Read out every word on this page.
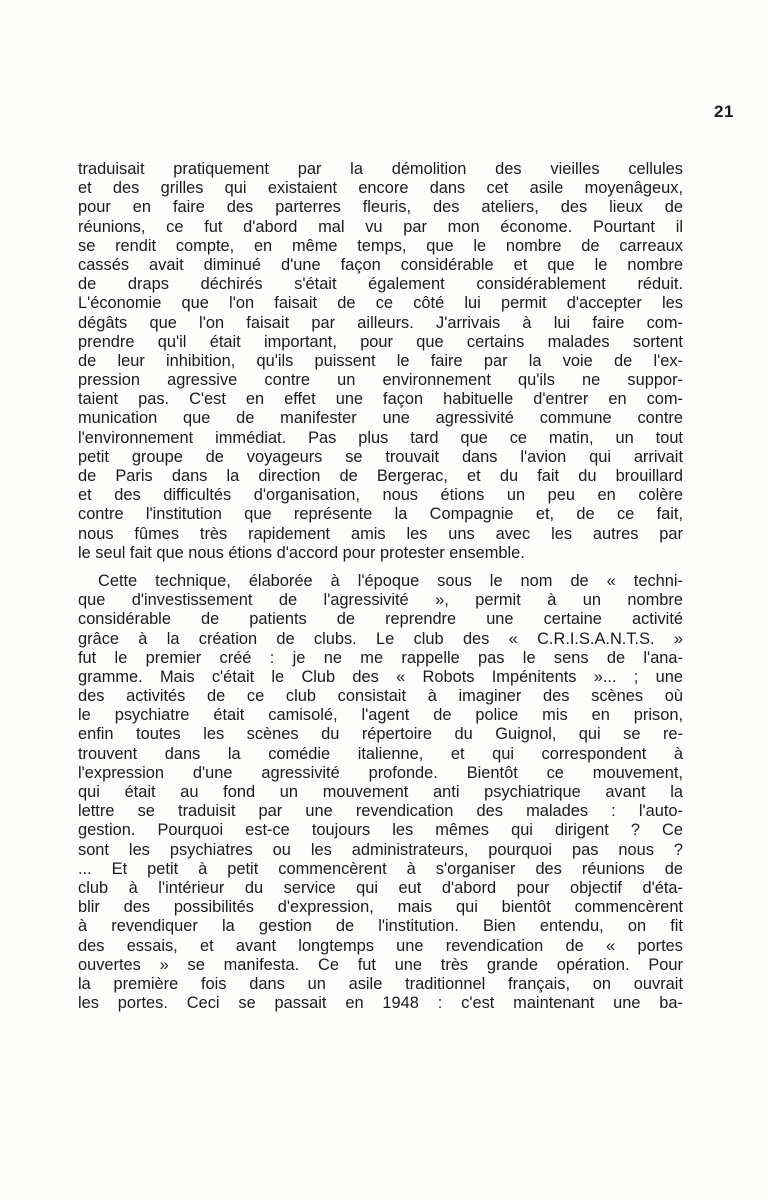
21
traduisait pratiquement par la démolition des vieilles cellules
et des grilles qui existaient encore dans cet asile moyenâgeux,
pour en faire des parterres fleuris, des ateliers, des lieux de
réunions, ce fut d'abord mal vu par mon économe. Pourtant il
se rendit compte, en même temps, que le nombre de carreaux
cassés avait diminué d'une façon considérable et que le nombre
de draps déchirés s'était également considérablement réduit.
L'économie que l'on faisait de ce côté lui permit d'accepter les
dégâts que l'on faisait par ailleurs. J'arrivais à lui faire com-
prendre qu'il était important, pour que certains malades sortent
de leur inhibition, qu'ils puissent le faire par la voie de l'ex-
pression agressive contre un environnement qu'ils ne suppor-
taient pas. C'est en effet une façon habituelle d'entrer en com-
munication que de manifester une agressivité commune contre
l'environnement immédiat. Pas plus tard que ce matin, un tout
petit groupe de voyageurs se trouvait dans l'avion qui arrivait
de Paris dans la direction de Bergerac, et du fait du brouillard
et des difficultés d'organisation, nous étions un peu en colère
contre l'institution que représente la Compagnie et, de ce fait,
nous fûmes très rapidement amis les uns avec les autres par
le seul fait que nous étions d'accord pour protester ensemble.
Cette technique, élaborée à l'époque sous le nom de « techni-
que d'investissement de l'agressivité », permit à un nombre
considérable de patients de reprendre une certaine activité
grâce à la création de clubs. Le club des « C.R.I.S.A.N.T.S. »
fut le premier créé : je ne me rappelle pas le sens de l'ana-
gramme. Mais c'était le Club des « Robots Impénitents »... ; une
des activités de ce club consistait à imaginer des scènes où
le psychiatre était camisolé, l'agent de police mis en prison,
enfin toutes les scènes du répertoire du Guignol, qui se re-
trouvent dans la comédie italienne, et qui correspondent à
l'expression d'une agressivité profonde. Bientôt ce mouvement,
qui était au fond un mouvement anti psychiatrique avant la
lettre se traduisit par une revendication des malades : l'auto-
gestion. Pourquoi est-ce toujours les mêmes qui dirigent ? Ce
sont les psychiatres ou les administrateurs, pourquoi pas nous ?
... Et petit à petit commencèrent à s'organiser des réunions de
club à l'intérieur du service qui eut d'abord pour objectif d'éta-
blir des possibilités d'expression, mais qui bientôt commencèrent
à revendiquer la gestion de l'institution. Bien entendu, on fit
des essais, et avant longtemps une revendication de « portes
ouvertes » se manifesta. Ce fut une très grande opération. Pour
la première fois dans un asile traditionnel français, on ouvrait
les portes. Ceci se passait en 1948 : c'est maintenant une ba-
